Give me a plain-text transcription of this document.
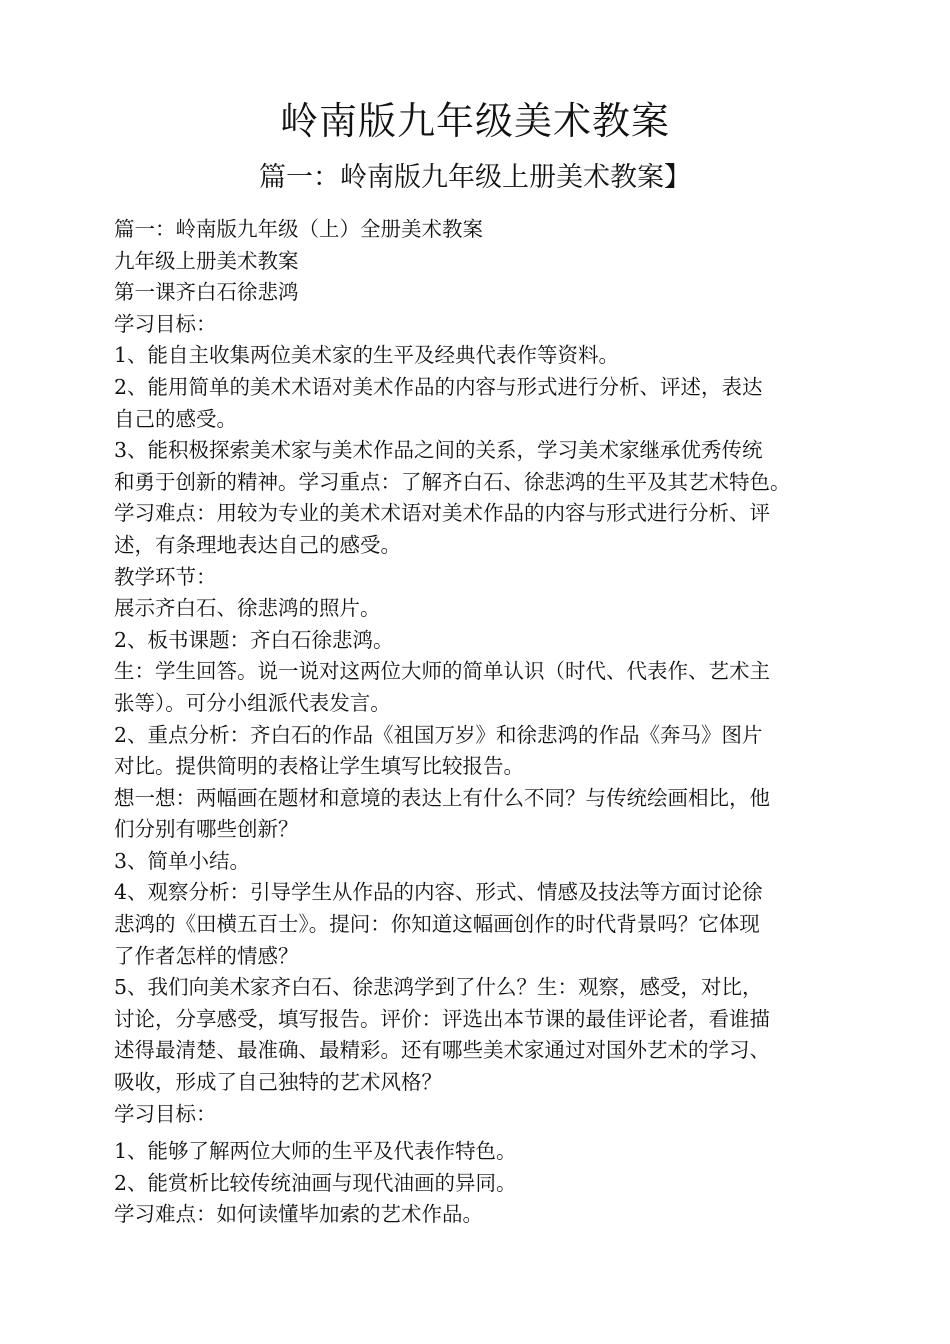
岭南版九年级美术教案
篇一：岭南版九年级上册美术教案】

篇一：岭南版九年级（上）全册美术教案

九年级上册美术教案

第一课齐白石徐悲鸿

学习目标：

1、能自主收集两位美术家的生平及经典代表作等资料。

2、能用简单的美术术语对美术作品的内容与形式进行分析、评述，表达

自己的感受。

3、能积极探索美术家与美术作品之间的关系，学习美术家继承优秀传统

和勇于创新的精神。学习重点：了解齐白石、徐悲鸿的生平及其艺术特色。

学习难点：用较为专业的美术术语对美术作品的内容与形式进行分析、评

述，有条理地表达自己的感受。

教学环节：

展示齐白石、徐悲鸿的照片。

2、板书课题：齐白石徐悲鸿。

生：学生回答。说一说对这两位大师的简单认识（时代、代表作、艺术主

张等）。可分小组派代表发言。

2、重点分析：齐白石的作品《祖国万岁》和徐悲鸿的作品《奔马》图片

对比。提供简明的表格让学生填写比较报告。

想一想：两幅画在题材和意境的表达上有什么不同？与传统绘画相比，他

们分别有哪些创新？

3、简单小结。

4、观察分析：引导学生从作品的内容、形式、情感及技法等方面讨论徐

悲鸿的《田横五百士》。提问：你知道这幅画创作的时代背景吗？它体现

了作者怎样的情感？

5、我们向美术家齐白石、徐悲鸿学到了什么？生：观察，感受，对比，

讨论，分享感受，填写报告。评价：评选出本节课的最佳评论者，看谁描

述得最清楚、最准确、最精彩。还有哪些美术家通过对国外艺术的学习、

吸收，形成了自己独特的艺术风格？

学习目标：

1、能够了解两位大师的生平及代表作特色。

2、能赏析比较传统油画与现代油画的异同。

学习难点：如何读懂毕加索的艺术作品。
